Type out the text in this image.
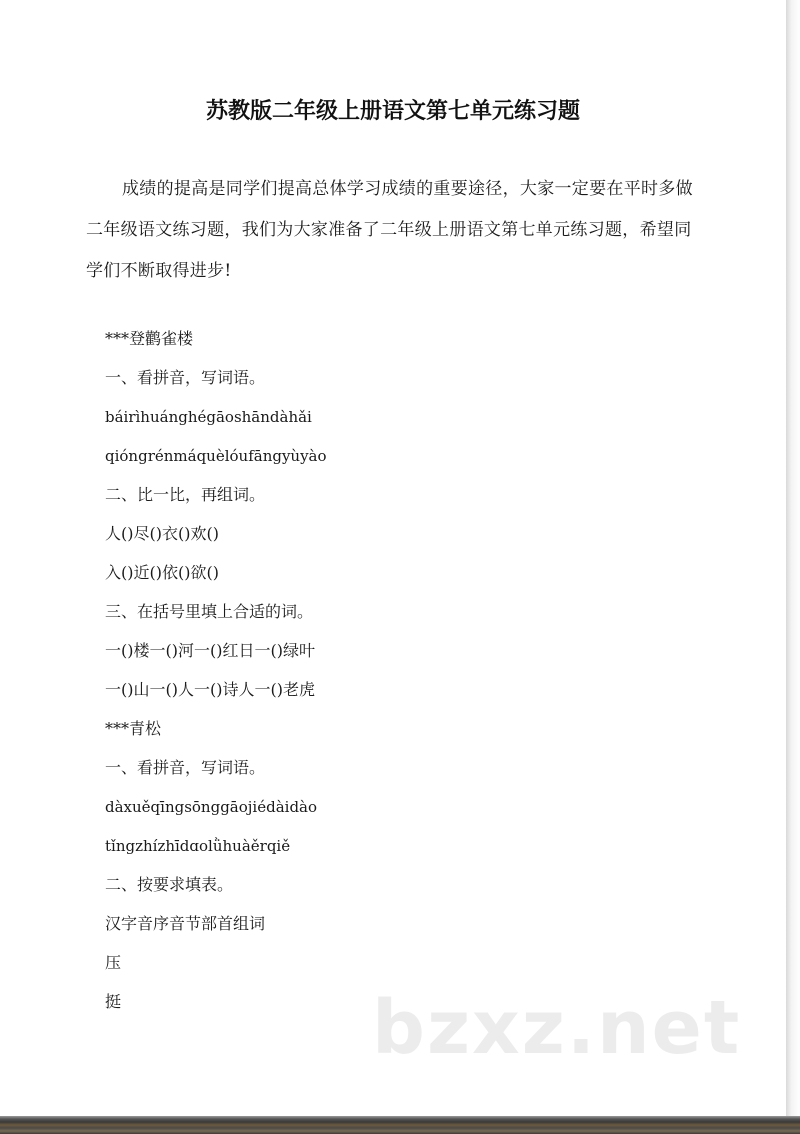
苏教版二年级上册语文第七单元练习题
成绩的提高是同学们提高总体学习成绩的重要途径，大家一定要在平时多做二年级语文练习题，我们为大家准备了二年级上册语文第七单元练习题，希望同学们不断取得进步!
***登鹳雀楼
一、看拼音，写词语。
báirìhuánghégāoshāndàhǎi
qióngrénmáquèlóufāngyùyào
二、比一比，再组词。
人()尽()衣()欢()
入()近()依()欲()
三、在括号里填上合适的词。
一()楼一()河一()红日一()绿叶
一()山一()人一()诗人一()老虎
***青松
一、看拼音，写词语。
dàxuěqīngsōnggāojiédàidào
tǐngzhízhīdɑolǜhuàěrqiě
二、按要求填表。
汉字音序音节部首组词
压
挺	bzxz.net
